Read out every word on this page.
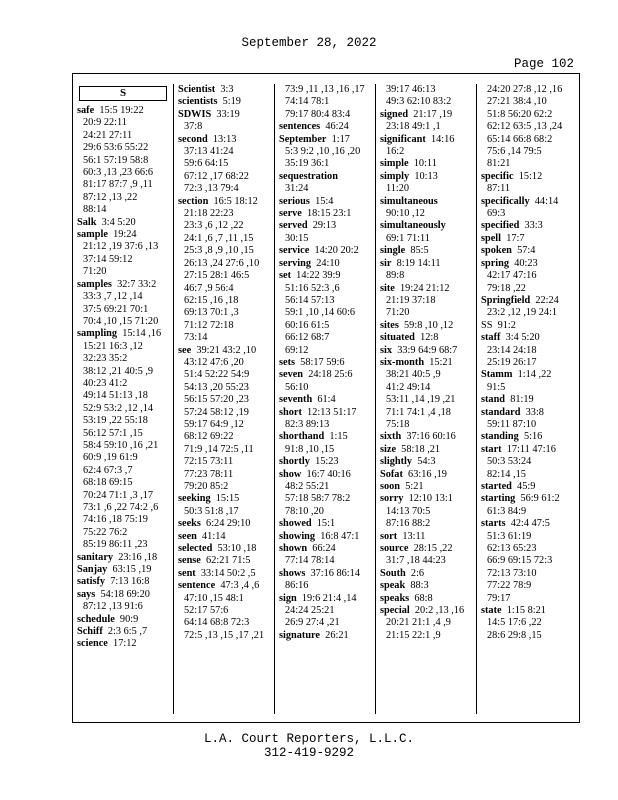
September 28, 2022
Page 102
S
safe 15:5 19:22
20:9 22:11
24:21 27:11
29:6 53:6 55:22
56:1 57:19 58:8
60:3 ,13 ,23 66:6
81:17 87:7 ,9 ,11
87:12 ,13 ,22
88:14
Salk 3:4 5:20
sample 19:24
21:12 ,19 37:6 ,13
37:14 59:12
71:20
samples 32:7 33:2
33:3 ,7 ,12 ,14
37:5 69:21 70:1
70:4 ,10 ,15 71:20
sampling 15:14 ,16
15:21 16:3 ,12
32:23 35:2
38:12 ,21 40:5 ,9
40:23 41:2
49:14 51:13 ,18
52:9 53:2 ,12 ,14
53:19 ,22 55:18
56:12 57:1 ,15
58:4 59:10 ,16 ,21
60:9 ,19 61:9
62:4 67:3 ,7
68:18 69:15
70:24 71:1 ,3 ,17
73:1 ,6 ,22 74:2 ,6
74:16 ,18 75:19
75:22 76:2
85:19 86:11 ,23
sanitary 23:16 ,18
Sanjay 63:15 ,19
satisfy 7:13 16:8
says 54:18 69:20
87:12 ,13 91:6
schedule 90:9
Schiff 2:3 6:5 ,7
science 17:12
Scientist 3:3
scientists 5:19
SDWIS 33:19
37:8
second 13:13
37:13 41:24
59:6 64:15
67:12 ,17 68:22
72:3 ,13 79:4
section 16:5 18:12
21:18 22:23
23:3 ,6 ,12 ,22
24:1 ,6 ,7 ,11 ,15
25:3 ,8 ,9 ,10 ,15
26:13 ,24 27:6 ,10
27:15 28:1 46:5
46:7 ,9 56:4
62:15 ,16 ,18
69:13 70:1 ,3
71:12 72:18
73:14
see 39:21 43:2 ,10
43:12 47:6 ,20
51:4 52:22 54:9
54:13 ,20 55:23
56:15 57:20 ,23
57:24 58:12 ,19
59:17 64:9 ,12
68:12 69:22
71:9 ,14 72:5 ,11
72:15 73:11
77:23 78:11
79:20 85:2
seeking 15:15
50:3 51:8 ,17
seeks 6:24 29:10
seen 41:14
selected 53:10 ,18
sense 62:21 71:5
sent 33:14 50:2 ,5
sentence 47:3 ,4 ,6
47:10 ,15 48:1
52:17 57:6
64:14 68:8 72:3
72:5 ,13 ,15 ,17 ,21
73:9 ,11 ,13 ,16 ,17
74:14 78:1
79:17 80:4 83:4
sentences 46:24
September 1:17
5:3 9:2 ,10 ,16 ,20
35:19 36:1
sequestration
31:24
serious 15:4
serve 18:15 23:1
served 29:13
30:15
service 14:20 20:2
serving 24:10
set 14:22 39:9
51:16 52:3 ,6
56:14 57:13
59:1 ,10 ,14 60:6
60:16 61:5
66:12 68:7
69:12
sets 58:17 59:6
seven 24:18 25:6
56:10
seventh 61:4
short 12:13 51:17
82:3 89:13
shorthand 1:15
91:8 ,10 ,15
shortly 15:23
show 16:7 40:16
48:2 55:21
57:18 58:7 78:2
78:10 ,20
showed 15:1
showing 16:8 47:1
shown 66:24
77:14 78:14
shows 37:16 86:14
86:16
sign 19:6 21:4 ,14
24:24 25:21
26:9 27:4 ,21
signature 26:21
39:17 46:13
49:3 62:10 83:2
signed 21:17 ,19
23:18 49:1 ,1
significant 14:16
16:2
simple 10:11
simply 10:13
11:20
simultaneous
90:10 ,12
simultaneously
69:1 71:11
single 85:5
sir 8:19 14:11
89:8
site 19:24 21:12
21:19 37:18
71:20
sites 59:8 ,10 ,12
situated 12:8
six 33:9 64:9 68:7
six-month 15:21
38:21 40:5 ,9
41:2 49:14
53:11 ,14 ,19 ,21
71:1 74:1 ,4 ,18
75:18
sixth 37:16 60:16
size 58:18 ,21
slightly 54:3
Sofat 63:16 ,19
soon 5:21
sorry 12:10 13:1
14:13 70:5
87:16 88:2
sort 13:11
source 28:15 ,22
31:7 ,18 44:23
South 2:6
speak 88:3
speaks 68:8
special 20:2 ,13 ,16
20:21 21:1 ,4 ,9
21:15 22:1 ,9
24:20 27:8 ,12 ,16
27:21 38:4 ,10
51:8 56:20 62:2
62:12 63:5 ,13 ,24
65:14 66:8 68:2
75:6 ,14 79:5
81:21
specific 15:12
87:11
specifically 44:14
69:3
specified 33:3
spell 17:7
spoken 57:4
spring 40:23
42:17 47:16
79:18 ,22
Springfield 22:24
23:2 ,12 ,19 24:1
SS 91:2
staff 3:4 5:20
23:14 24:18
25:19 26:17
Stamm 1:14 ,22
91:5
stand 81:19
standard 33:8
59:11 87:10
standing 5:16
start 17:11 47:16
50:3 53:24
82:14 ,15
started 45:9
starting 56:9 61:2
61:3 84:9
starts 42:4 47:5
51:3 61:19
62:13 65:23
66:9 69:15 72:3
72:13 73:10
77:22 78:9
79:17
state 1:15 8:21
14:5 17:6 ,22
28:6 29:8 ,15
L.A. Court Reporters, L.L.C.
312-419-9292
